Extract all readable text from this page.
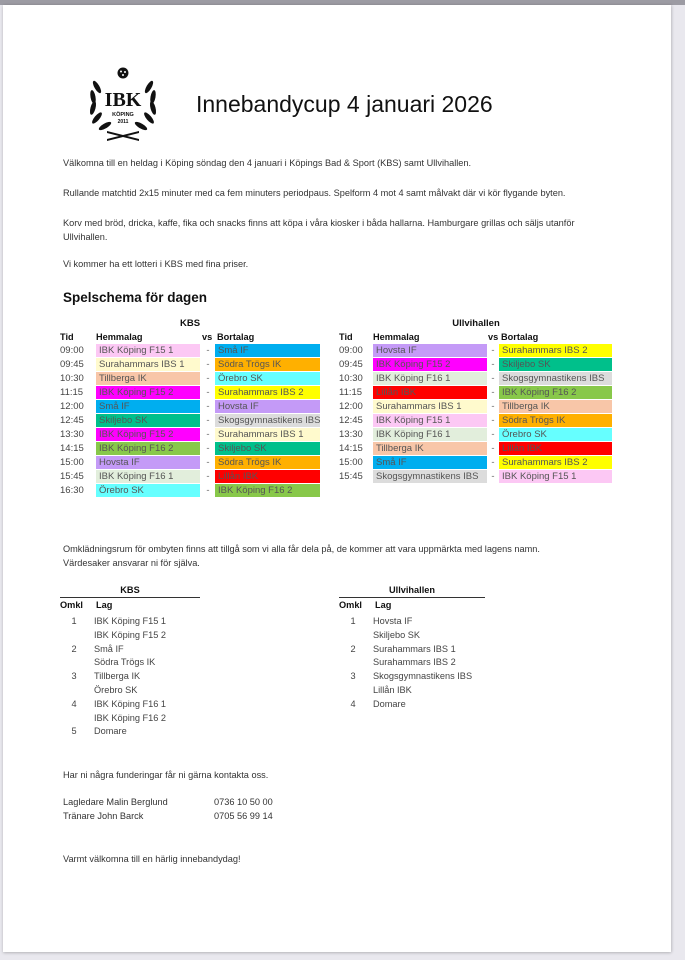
IBK
KÖPING
2011
Innebandycup 4 januari 2026
Välkomna till en heldag i Köping söndag den 4 januari i Köpings Bad & Sport (KBS) samt Ullvihallen.
Rullande matchtid 2x15 minuter med ca fem minuters periodpaus. Spelform 4 mot 4 samt målvakt där vi kör flygande byten.
Korv med bröd, dricka, kaffe, fika och snacks finns att köpa i våra kiosker i båda hallarna. Hamburgare grillas och säljs utanför
Ullvihallen.
Vi kommer ha ett lotteri i KBS med fina priser.
Spelschema för dagen
KBS
Tid Hemmalag	vs Bortalag
09:00	IBK Köping F15 1	- Små IF
09:45	Surahammars IBS 1	- Södra Trögs IK
10:30	Tillberga IK	- Örebro SK
11:15	IBK Köping F15 2	- Surahammars IBS 2
12:00	Små IF	- Hovsta IF
12:45	Skiljebo SK	- Skogsgymnastikens IBS
13:30	IBK Köping F15 2	- Surahammars IBS 1
14:15	IBK Köping F16 2	- Skiljebo SK
15:00	Hovsta IF	- Södra Trögs IK
15:45	IBK Köping F16 1	- Lillån IBK
16:30	Örebro SK	- IBK Köping F16 2
Ullvihallen
Tid Hemmalag	vs Bortalag
09:00	Hovsta IF	- Surahammars IBS 2
09:45	IBK Köping F15 2	- Skiljebo SK
10:30	IBK Köping F16 1	- Skogsgymnastikens IBS
11:15	Lillån IBK	- IBK Köping F16 2
12:00	Surahammars IBS 1	- Tillberga IK
12:45	IBK Köping F15 1	- Södra Trögs IK
13:30	IBK Köping F16 1	- Örebro SK
14:15	Tillberga IK	- Lillån IBK
15:00	Små IF	- Surahammars IBS 2
15:45	Skogsgymnastikens IBS	- IBK Köping F15 1
Omklädningsrum för ombyten finns att tillgå som vi alla får dela på, de kommer att vara uppmärkta med lagens namn.
Värdesaker ansvarar ni för själva.
KBS
Omkl Lag
1	IBK Köping F15 1
IBK Köping F15 2
2	Små IF
Södra Trögs IK
3	Tillberga IK
Örebro SK
4	IBK Köping F16 1
IBK Köping F16 2
5	Domare
Ullvihallen
Omkl Lag
1	Hovsta IF
Skiljebo SK
2	Surahammars IBS 1
Surahammars IBS 2
3	Skogsgymnastikens IBS
Lillån IBK
4	Domare
Har ni några funderingar får ni gärna kontakta oss.
Lagledare Malin Berglund	0736 10 50 00
Tränare John Barck	0705 56 99 14
Varmt välkomna till en härlig innebandydag!
